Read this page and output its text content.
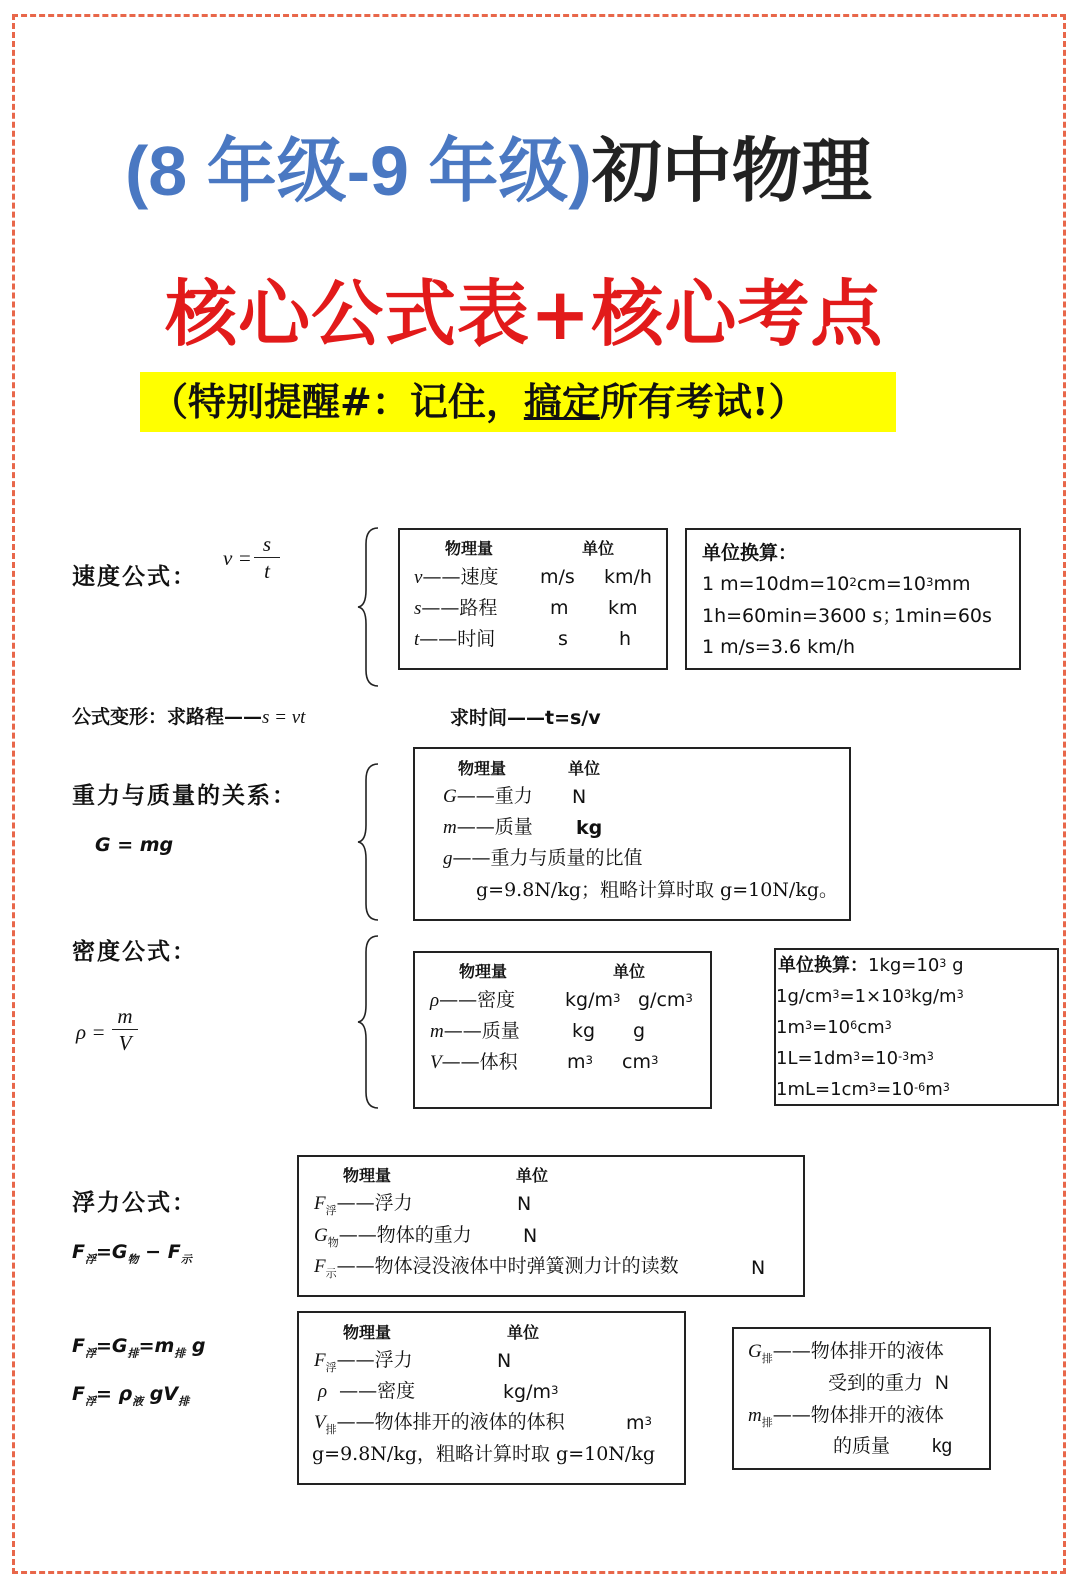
(8 年级-9 年级)初中物理
核心公式表+核心考点
（特别提醒#：记住，搞定所有考试!）
速度公式：
v =
s
t
物理量	单位
v——速度 m/s km/h
s——路程	m km
t——时间	s	h
单位换算：
1 $m=10dm=10^2cm=10^3mm$
1h=60min=3600 s；
1min=60s
1 m/s=3.6 km/h
公式变形：求路程——s = vt	求时间——t=s/v
重力与质量的关系：
G = mg
物理量	单位
G——重力 N
m——质量 kg
g——重力与质量的比值
g=9.8N/kg；粗略计算时取 g=10N/kg。
密度公式：
ρ =
m
V
物理量	单位
ρ——密度	$kg/m^3$ $g/cm^3$
m——质量	kg g
V——体积	$m^3$ $cm^3$
单位换算：$1kg=10^3$ g
$1g/cm^3=1\times 10^3kg/m^3$
$1m^3=10^6cm^3$
$1L=1dm^3=10^{-3}m^3$
$1mL=1cm^3=10^{-6}m^3$
浮力公式：
$F_浮=G_物 - F_示$
物理量	单位
$F_浮——$浮力	N
$G_物——$物体的重力	N
$F_示——$物体浸没液体中时弹簧测力计的读数	N
$F_浮=G_排=m_排$ g
$F_浮= \rho_液$ $gV_排$
物理量	单位
$F_浮——$浮力	N
ρ ——密度	$kg/m^3$
$V_排——$物体排开的液体的体积	$m^3$
g=9.8N/kg，粗略计算时取 g=10N/kg
$G_排——$物体排开的液体
受到的重力 N
$m_排——$物体排开的液体
的质量 kg
